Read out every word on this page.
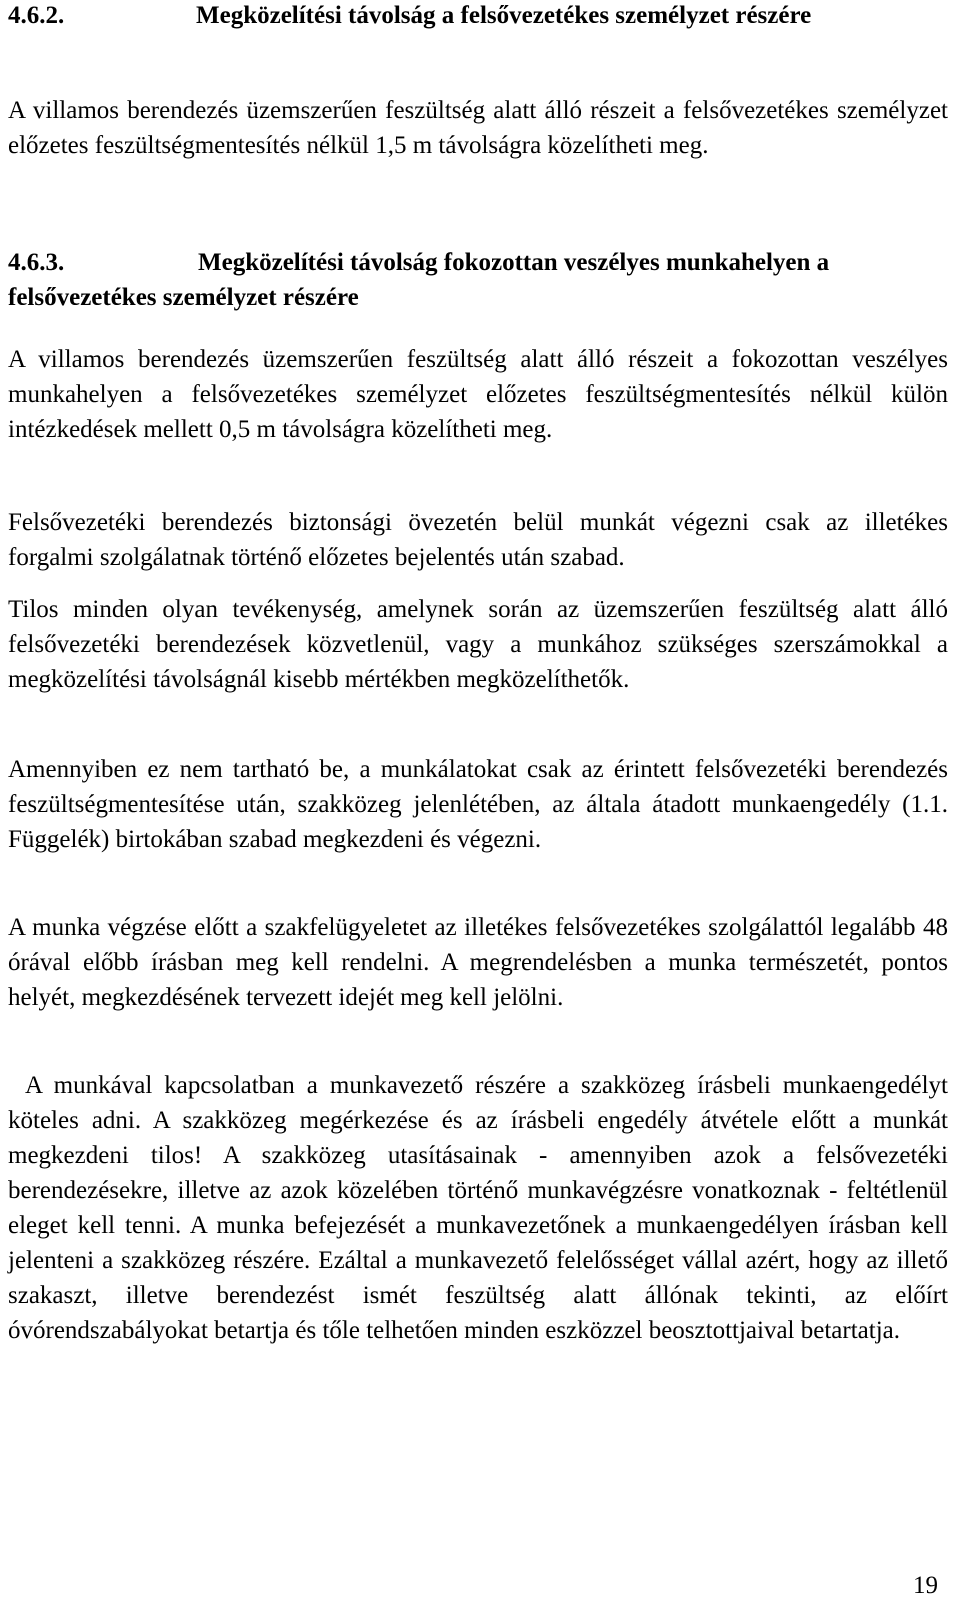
4.6.2.	Megközelítési távolság a felsővezetékes személyzet részére

A villamos berendezés üzemszerűen feszültség alatt álló részeit a felsővezetékes személyzet előzetes feszültségmentesítés nélkül 1,5 m távolságra közelítheti meg.

4.6.3.	Megközelítési távolság fokozottan veszélyes munkahelyen a felsővezetékes személyzet részére

A villamos berendezés üzemszerűen feszültség alatt álló részeit a fokozottan veszélyes munkahelyen a felsővezetékes személyzet előzetes feszültségmentesítés nélkül külön intézkedések mellett 0,5 m távolságra közelítheti meg.

Felsővezetéki berendezés biztonsági övezetén belül munkát végezni csak az illetékes forgalmi szolgálatnak történő előzetes bejelentés után szabad.

Tilos minden olyan tevékenység, amelynek során az üzemszerűen feszültség alatt álló felsővezetéki berendezések közvetlenül, vagy a munkához szükséges szerszámokkal a megközelítési távolságnál kisebb mértékben megközelíthetők.

Amennyiben ez nem tartható be, a munkálatokat csak az érintett felsővezetéki berendezés feszültségmentesítése után, szakközeg jelenlétében, az általa átadott munkaengedély (1.1. Függelék) birtokában szabad megkezdeni és végezni.

A munka végzése előtt a szakfelügyeletet az illetékes felsővezetékes szolgálattól legalább 48 órával előbb írásban meg kell rendelni. A megrendelésben a munka természetét, pontos helyét, megkezdésének tervezett idejét meg kell jelölni.

A munkával kapcsolatban a munkavezető részére a szakközeg írásbeli munkaengedélyt köteles adni. A szakközeg megérkezése és az írásbeli engedély átvétele előtt a munkát megkezdeni tilos! A szakközeg utasításainak - amennyiben azok a felsővezetéki berendezésekre, illetve az azok közelében történő munkavégzésre vonatkoznak - feltétlenül eleget kell tenni. A munka befejezését a munkavezetőnek a munkaengedélyen írásban kell jelenteni a szakközeg részére. Ezáltal a munkavezető felelősséget vállal azért, hogy az illető szakaszt, illetve berendezést ismét feszültség alatt állónak tekinti, az előírt óvórendszabályokat betartja és tőle telhetően minden eszközzel beosztottjaival betartatja.

19
